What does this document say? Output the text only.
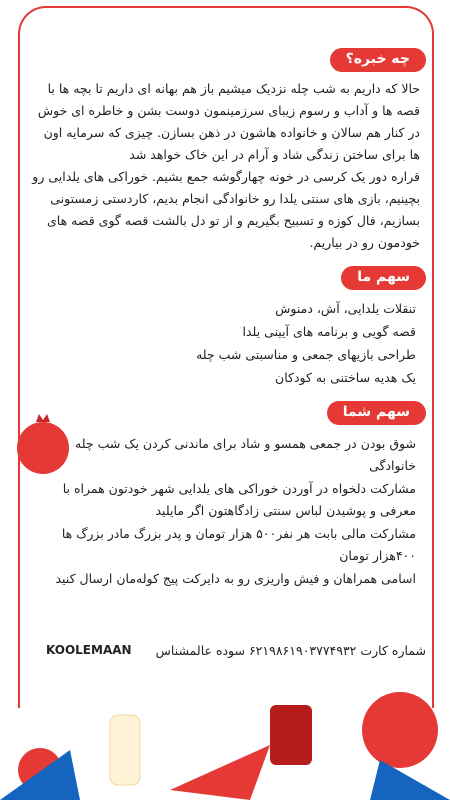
چه خبره؟

حالا که داریم به شب چله نزدیک میشیم باز هم بهانه ای داریم تا بچه ها با قصه ها و آداب و رسوم زیبای سرزمینمون دوست بشن و خاطره ای خوش در کنار هم سالان و خانواده هاشون در ذهن بسازن. چیزی که سرمایه اون ها برای ساختن زندگی شاد و آرام در این خاک خواهد شد

قراره دور یک کرسی در خونه چهارگوشه جمع بشیم. خوراکی های یلدایی رو بچینیم، بازی های سنتی یلدا رو خانوادگی انجام بدیم، کاردستی زمستونی بسازیم، فال کوزه و تسبیح بگیریم و از تو دل بالشت قصه گوی قصه های خودمون رو در بیاریم.

سهم ما
تنقلات یلدایی، آش، دمنوش
قصه گویی و برنامه های آیینی یلدا
طراحی بازیهای جمعی و مناسبتی شب چله
یک هدیه ساختنی به کودکان
سهم شما
شوق بودن در جمعی همسو و شاد برای ماندنی کردن یک شب چله خانوادگی
مشارکت دلخواه در آوردن خوراکی های یلدایی شهر خودتون همراه با معرفی و پوشیدن لباس سنتی زادگاهتون اگر مایلید
مشارکت مالی بابت هر نفر۵۰۰ هزار تومان و پدر بزرگ مادر بزرگ ها ۴۰۰هزار تومان
اسامی همراهان و فیش واریزی رو به دایرکت پیج کوله‌مان ارسال کنید
شماره کارت ۶۲۱۹۸۶۱۹۰۳۷۷۴۹۳۲ سوده عالمشناس
KOOLEMAAN
